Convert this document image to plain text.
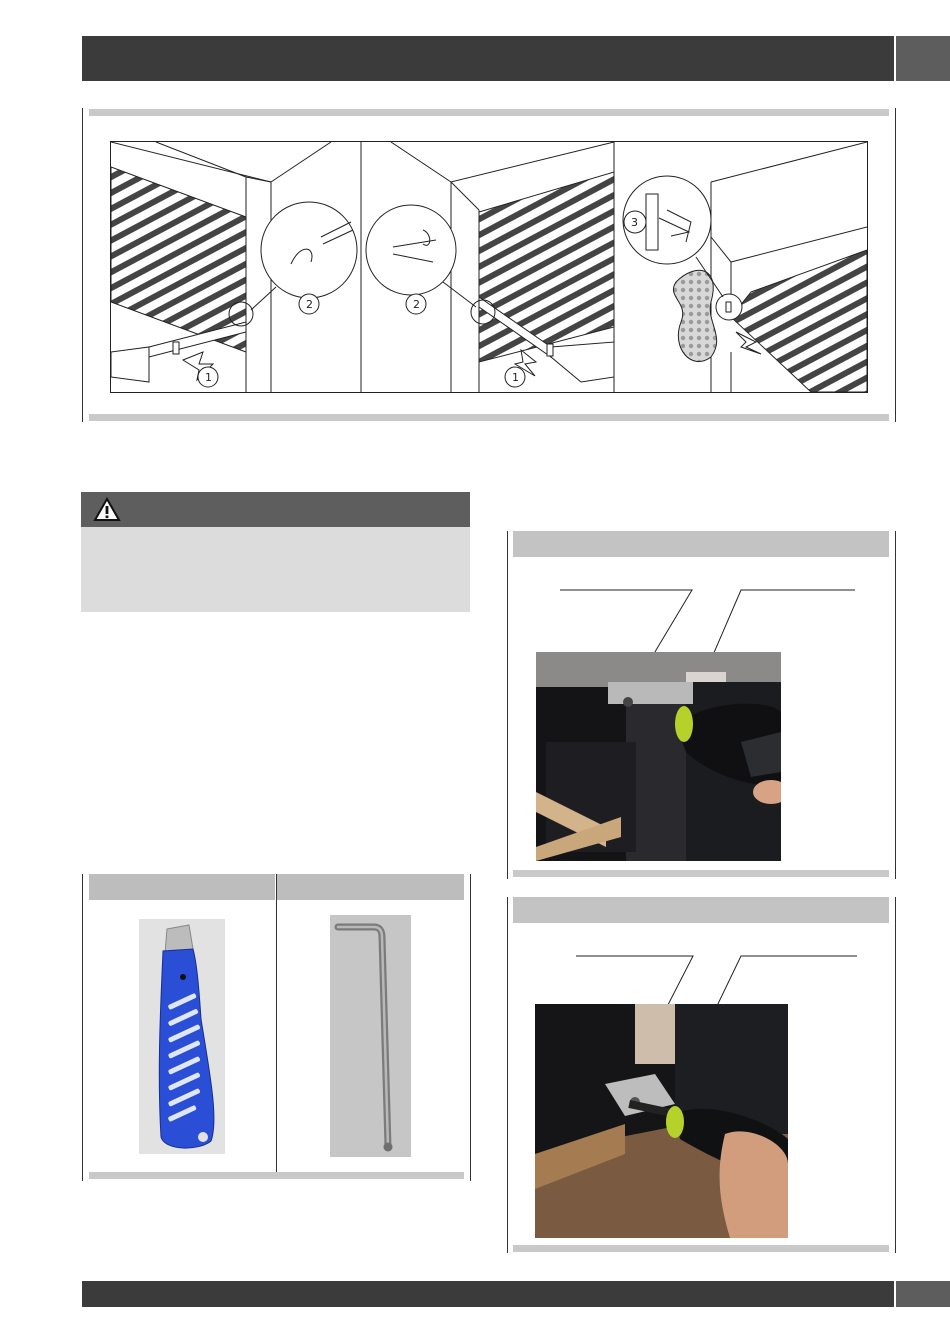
1
2	2
1
3
